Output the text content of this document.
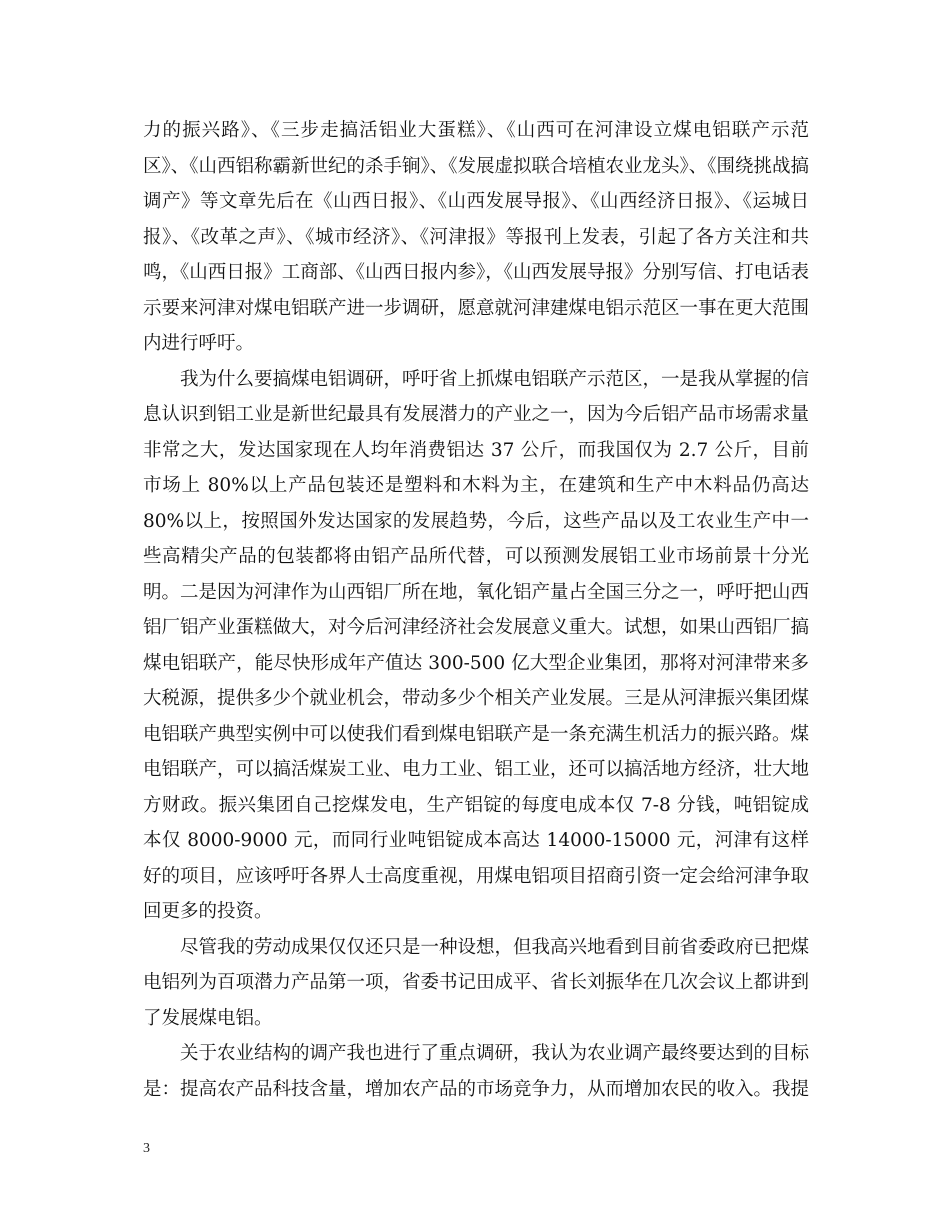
力的振兴路》、《三步走搞活铝业大蛋糕》、《山西可在河津设立煤电铝联产示范区》、《山西铝称霸新世纪的杀手锏》、《发展虚拟联合培植农业龙头》、《围绕挑战搞调产》等文章先后在《山西日报》、《山西发展导报》、《山西经济日报》、《运城日报》、《改革之声》、《城市经济》、《河津报》等报刊上发表，引起了各方关注和共鸣，《山西日报》工商部、《山西日报内参》，《山西发展导报》分别写信、打电话表示要来河津对煤电铝联产进一步调研，愿意就河津建煤电铝示范区一事在更大范围内进行呼吁。

我为什么要搞煤电铝调研，呼吁省上抓煤电铝联产示范区，一是我从掌握的信息认识到铝工业是新世纪最具有发展潜力的产业之一，因为今后铝产品市场需求量非常之大，发达国家现在人均年消费铝达 37 公斤，而我国仅为 2.7 公斤，目前市场上 80%以上产品包装还是塑料和木料为主，在建筑和生产中木料品仍高达 80%以上，按照国外发达国家的发展趋势，今后，这些产品以及工农业生产中一些高精尖产品的包装都将由铝产品所代替，可以预测发展铝工业市场前景十分光明。二是因为河津作为山西铝厂所在地，氧化铝产量占全国三分之一，呼吁把山西铝厂铝产业蛋糕做大，对今后河津经济社会发展意义重大。试想，如果山西铝厂搞煤电铝联产，能尽快形成年产值达 300-500 亿大型企业集团，那将对河津带来多大税源，提供多少个就业机会，带动多少个相关产业发展。三是从河津振兴集团煤电铝联产典型实例中可以使我们看到煤电铝联产是一条充满生机活力的振兴路。煤电铝联产，可以搞活煤炭工业、电力工业、铝工业，还可以搞活地方经济，壮大地方财政。振兴集团自己挖煤发电，生产铝锭的每度电成本仅 7-8 分钱，吨铝锭成本仅 8000-9000 元，而同行业吨铝锭成本高达 14000-15000 元，河津有这样好的项目，应该呼吁各界人士高度重视，用煤电铝项目招商引资一定会给河津争取回更多的投资。

尽管我的劳动成果仅仅还只是一种设想，但我高兴地看到目前省委政府已把煤电铝列为百项潜力产品第一项，省委书记田成平、省长刘振华在几次会议上都讲到了发展煤电铝。

关于农业结构的调产我也进行了重点调研，我认为农业调产最终要达到的目标是：提高农产品科技含量，增加农产品的市场竞争力，从而增加农民的收入。我提

3
